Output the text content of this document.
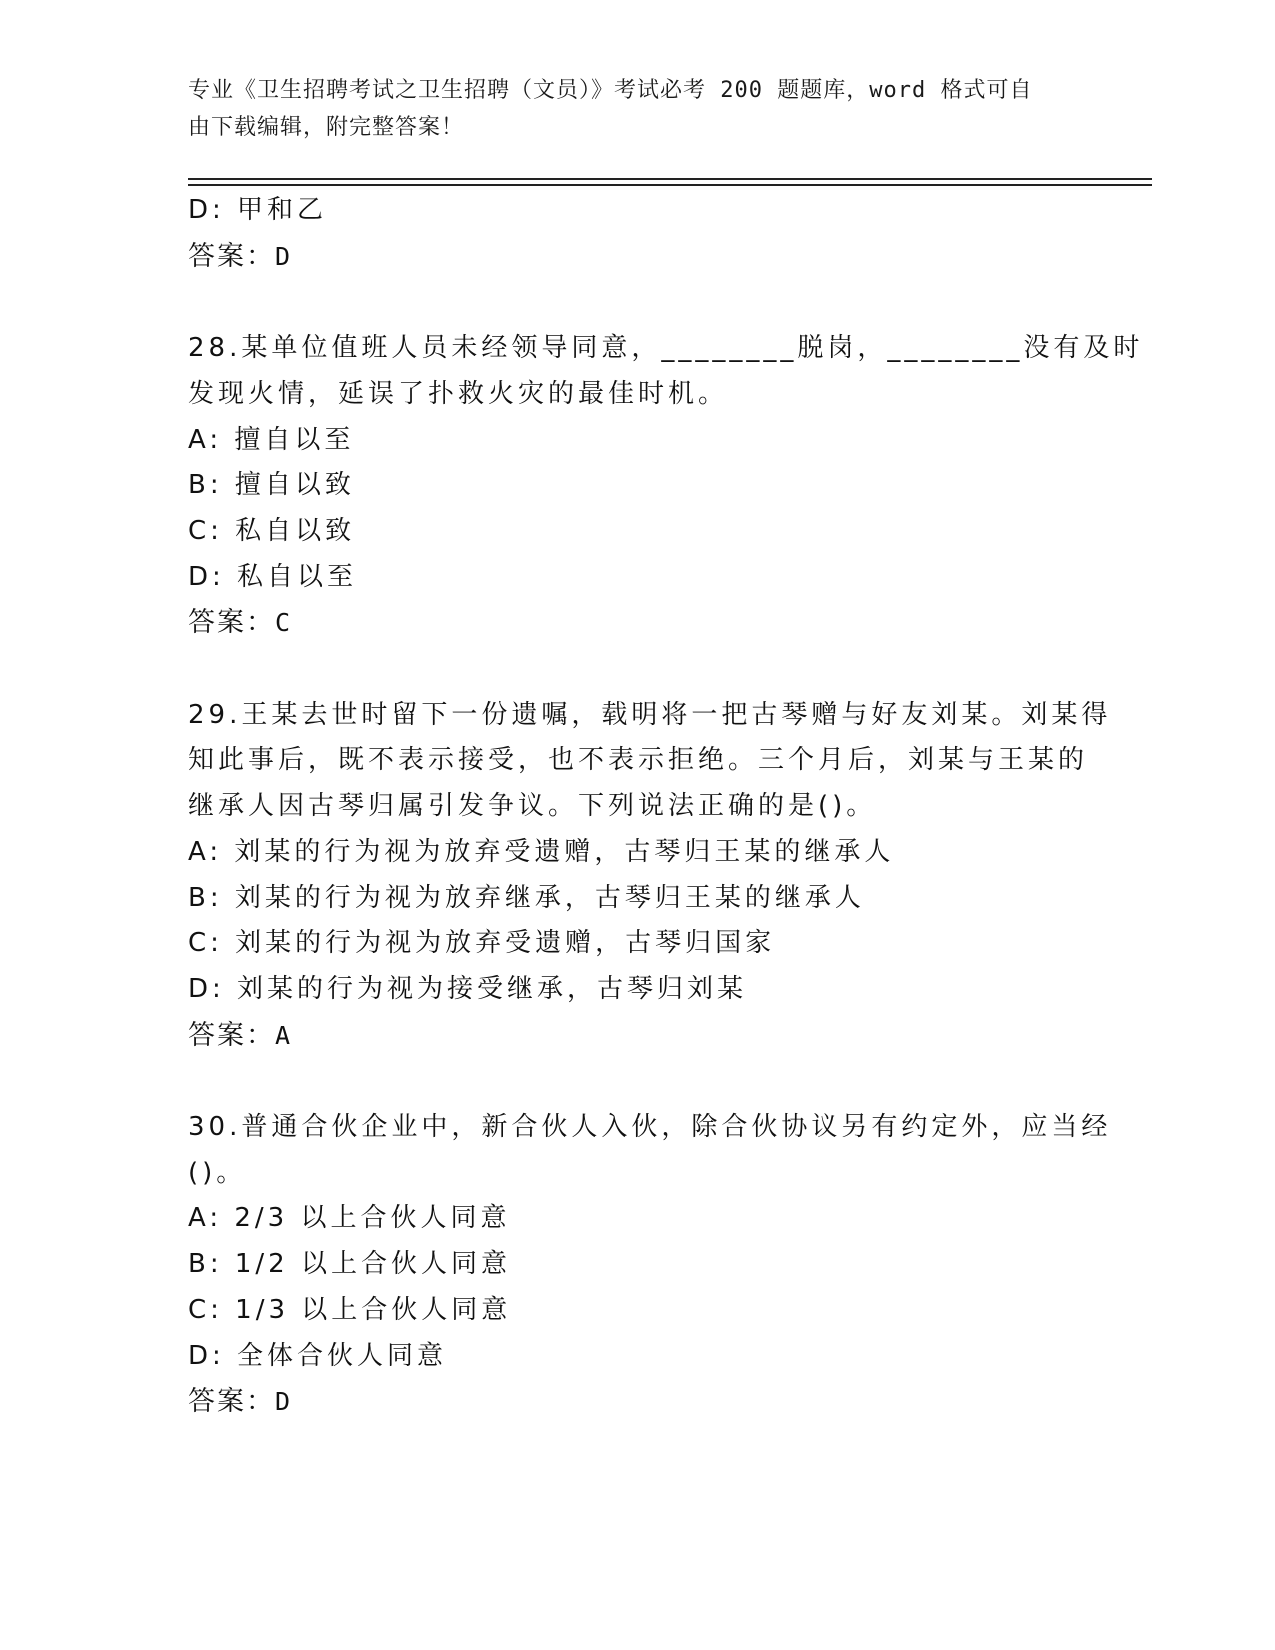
专业《卫生招聘考试之卫生招聘（文员）》考试必考 200 题题库，word 格式可自
由下载编辑，附完整答案！
D: 甲和乙
答案：D
28.某单位值班人员未经领导同意，________脱岗，________没有及时
发现火情，延误了扑救火灾的最佳时机。
A: 擅自以至
B: 擅自以致
C: 私自以致
D: 私自以至
答案：C
29.王某去世时留下一份遗嘱，载明将一把古琴赠与好友刘某。刘某得
知此事后，既不表示接受，也不表示拒绝。三个月后，刘某与王某的
继承人因古琴归属引发争议。下列说法正确的是()。
A: 刘某的行为视为放弃受遗赠，古琴归王某的继承人
B: 刘某的行为视为放弃继承，古琴归王某的继承人
C: 刘某的行为视为放弃受遗赠，古琴归国家
D: 刘某的行为视为接受继承，古琴归刘某
答案：A
30.普通合伙企业中，新合伙人入伙，除合伙协议另有约定外，应当经
()。
A: 2/3 以上合伙人同意
B: 1/2 以上合伙人同意
C: 1/3 以上合伙人同意
D: 全体合伙人同意
答案：D
